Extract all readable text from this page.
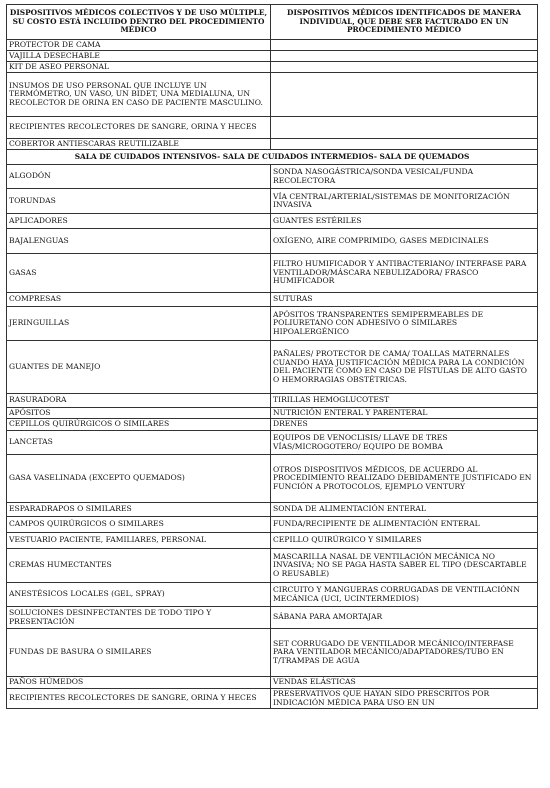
DISPOSITIVOS MÉDICOS COLECTIVOS Y DE USO MÚLTIPLE, SU COSTO ESTÁ INCLUIDO DENTRO DEL PROCEDIMIENTO MÉDICO	DISPOSITIVOS MÉDICOS IDENTIFICADOS DE MANERA INDIVIDUAL, QUE DEBE SER FACTURADO EN UN PROCEDIMIENTO MÉDICO
PROTECTOR DE CAMA	
VAJILLA DESECHABLE	
KIT DE ASEO PERSONAL	
INSUMOS DE USO PERSONAL QUE INCLUYE UN TERMÓMETRO, UN VASO, UN BIDET, UNA MEDIALUNA, UN RECOLECTOR DE ORINA EN CASO DE PACIENTE MASCULINO.	
RECIPIENTES RECOLECTORES DE SANGRE, ORINA Y HECES	
COBERTOR ANTIESCARAS REUTILIZABLE	
SALA DE CUIDADOS INTENSIVOS- SALA DE CUIDADOS INTERMEDIOS- SALA DE QUEMADOS	
ALGODÓN	SONDA NASOGÁSTRICA/SONDA VESICAL/FUNDA RECOLECTORA
TORUNDAS	VÍA CENTRAL/ARTERIAL/SISTEMAS DE MONITORIZACIÓN INVASIVA
APLICADORES	GUANTES ESTÉRILES
BAJALENGUAS	OXÍGENO, AIRE COMPRIMIDO, GASES MEDICINALES
GASAS	FILTRO HUMIFICADOR Y ANTIBACTERIANO/ INTERFASE PARA VENTILADOR/MÁSCARA NEBULIZADORA/ FRASCO HUMIFICADOR
COMPRESAS	SUTURAS
JERINGUILLAS	APÓSITOS TRANSPARENTES SEMIPERMEABLES DE POLIURETANO CON ADHESIVO O SIMILARES HIPOALERGÉNICO
GUANTES DE MANEJO	PAÑALES/ PROTECTOR DE CAMA/ TOALLAS MATERNALES CUANDO HAYA JUSTIFICACIÓN MÉDICA PARA LA CONDICIÓN DEL PACIENTE COMO EN CASO DE FÍSTULAS DE ALTO GASTO O HEMORRAGIAS OBSTÉTRICAS.
RASURADORA	TIRILLAS HEMOGLUCOTEST
APÓSITOS	NUTRICIÓN ENTERAL Y PARENTERAL
CEPILLOS QUIRÚRGICOS O SIMILARES	DRENES
LANCETAS	EQUIPOS DE VENOCLISIS/ LLAVE DE TRES VÍAS/MICROGOTERO/ EQUIPO DE BOMBA
GASA VASELINADA (EXCEPTO QUEMADOS)	OTROS DISPOSITIVOS MÉDICOS, DE ACUERDO AL PROCEDIMIENTO REALIZADO DEBIDAMENTE JUSTIFICADO EN FUNCIÓN A PROTOCOLOS, EJEMPLO VENTURY
ESPARADRAPOS O SIMILARES	SONDA DE ALIMENTACIÓN ENTERAL
CAMPOS QUIRÚRGICOS O SIMILARES	FUNDA/RECIPIENTE DE ALIMENTACIÓN ENTERAL
VESTUARIO PACIENTE, FAMILIARES, PERSONAL	CEPILLO QUIRÚRGICO Y SIMILARES
CREMAS HUMECTANTES	MASCARILLA NASAL DE VENTILACIÓN MECÁNICA NO INVASIVA; NO SE PAGA HASTA SABER EL TIPO (DESCARTABLE O REUSABLE)
ANESTÉSICOS LOCALES (GEL, SPRAY)	CIRCUITO Y MANGUERAS CORRUGADAS DE VENTILACIÓNN MECÁNICA (UCI, UCINTERMEDIOS)
SOLUCIONES DESINFECTANTES DE TODO TIPO Y PRESENTACIÓN	SÁBANA PARA AMORTAJAR
FUNDAS DE BASURA O SIMILARES	SET CORRUGADO DE VENTILADOR MECÁNICO/INTERFASE PARA VENTILADOR MECÁNICO/ADAPTADORES/TUBO EN T/TRAMPAS DE AGUA
PAÑOS HÚMEDOS	VENDAS ELÁSTICAS
RECIPIENTES RECOLECTORES DE SANGRE, ORINA Y HECES	PRESERVATIVOS QUE HAYAN SIDO PRESCRITOS POR INDICACIÓN MÉDICA PARA USO EN UN
